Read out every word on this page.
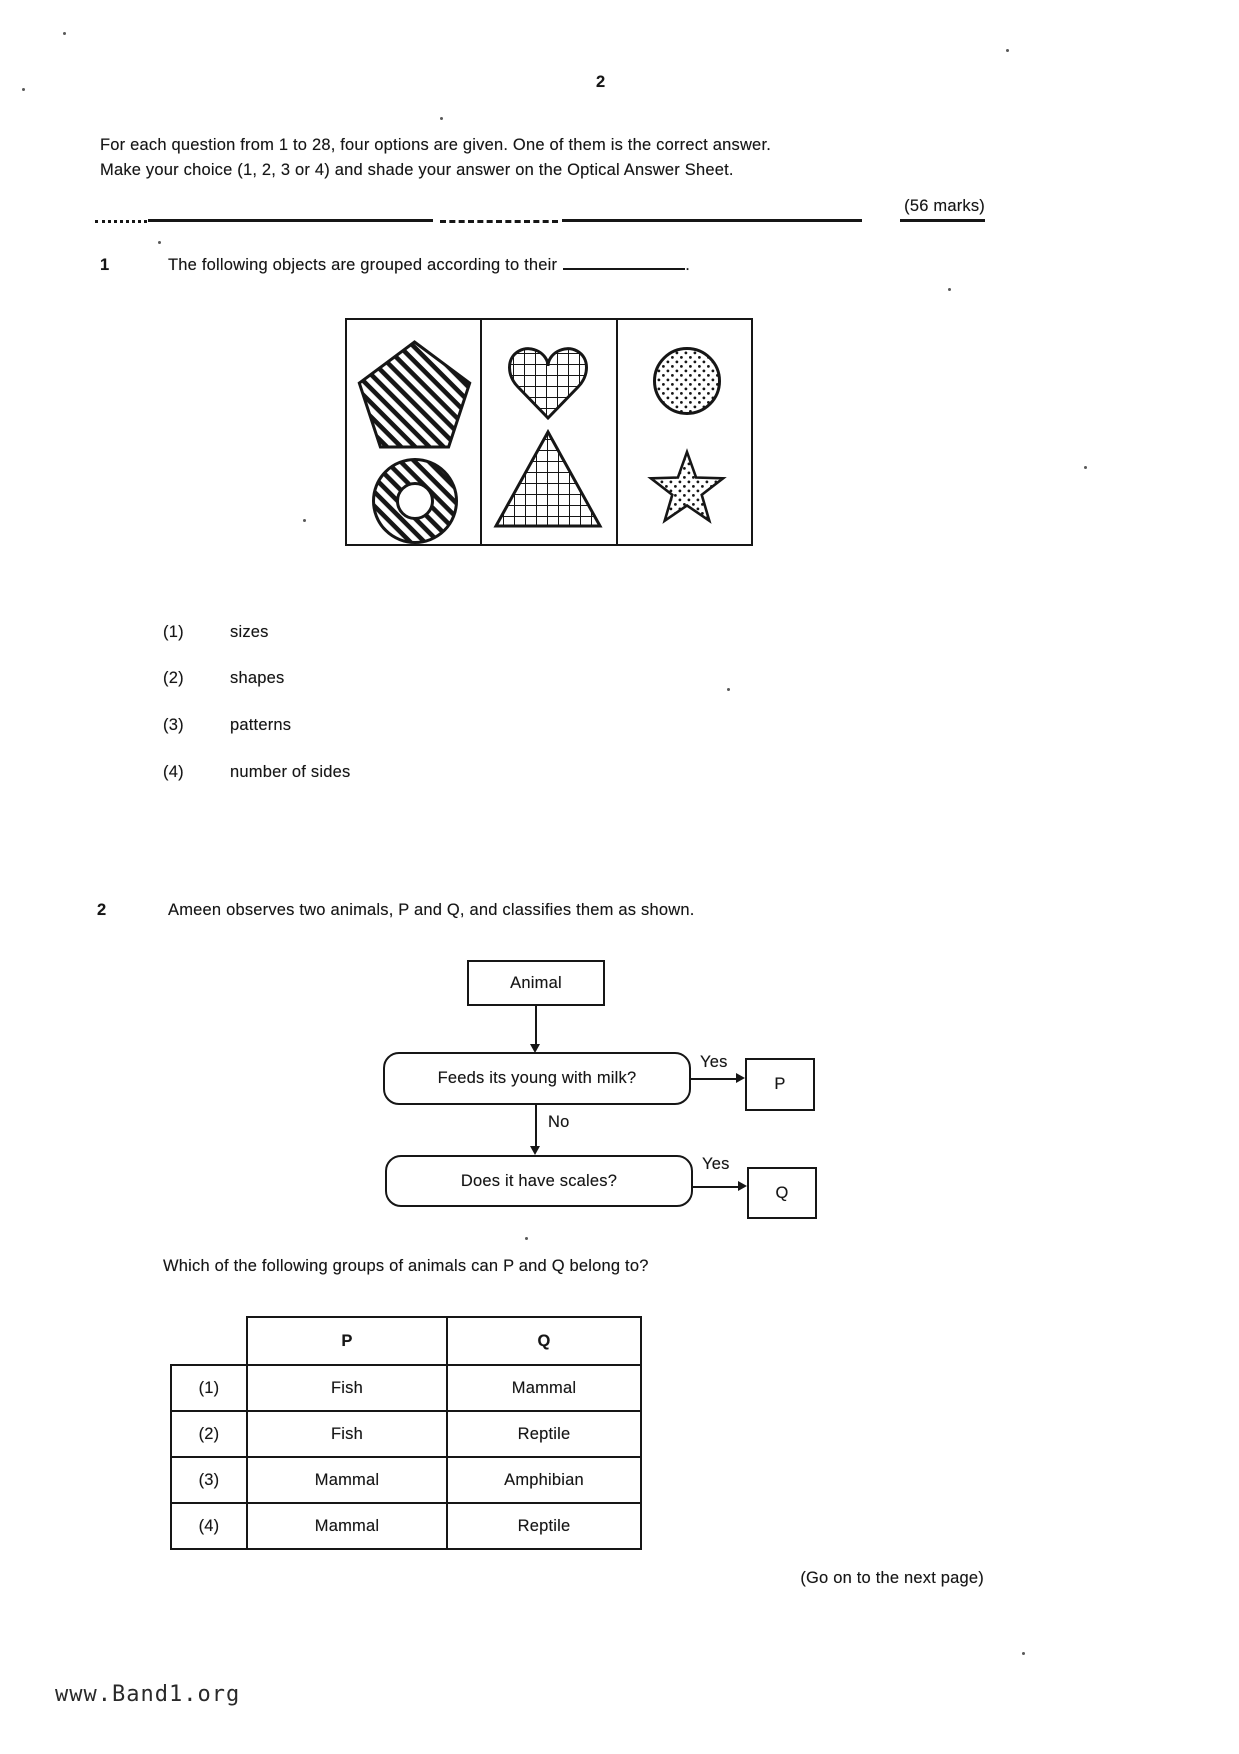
2
For each question from 1 to 28, four options are given. One of them is the correct answer.
Make your choice (1, 2, 3 or 4) and shade your answer on the Optical Answer Sheet.
(56 marks)
1	The following objects are grouped according to their	.
(1)	sizes
(2)	shapes
(3)	patterns
(4)	number of sides
2	Ameen observes two animals, P and Q, and classifies them as shown.
Animal
Feeds its young with milk?
Yes
P
No
Does it have scales?
Yes
Q
Which of the following groups of animals can P and Q belong to?
	P	Q
(1)	Fish	Mammal
(2)	Fish	Reptile
(3)	Mammal	Amphibian
(4)	Mammal	Reptile
(Go on to the next page)
www.Band1.org
